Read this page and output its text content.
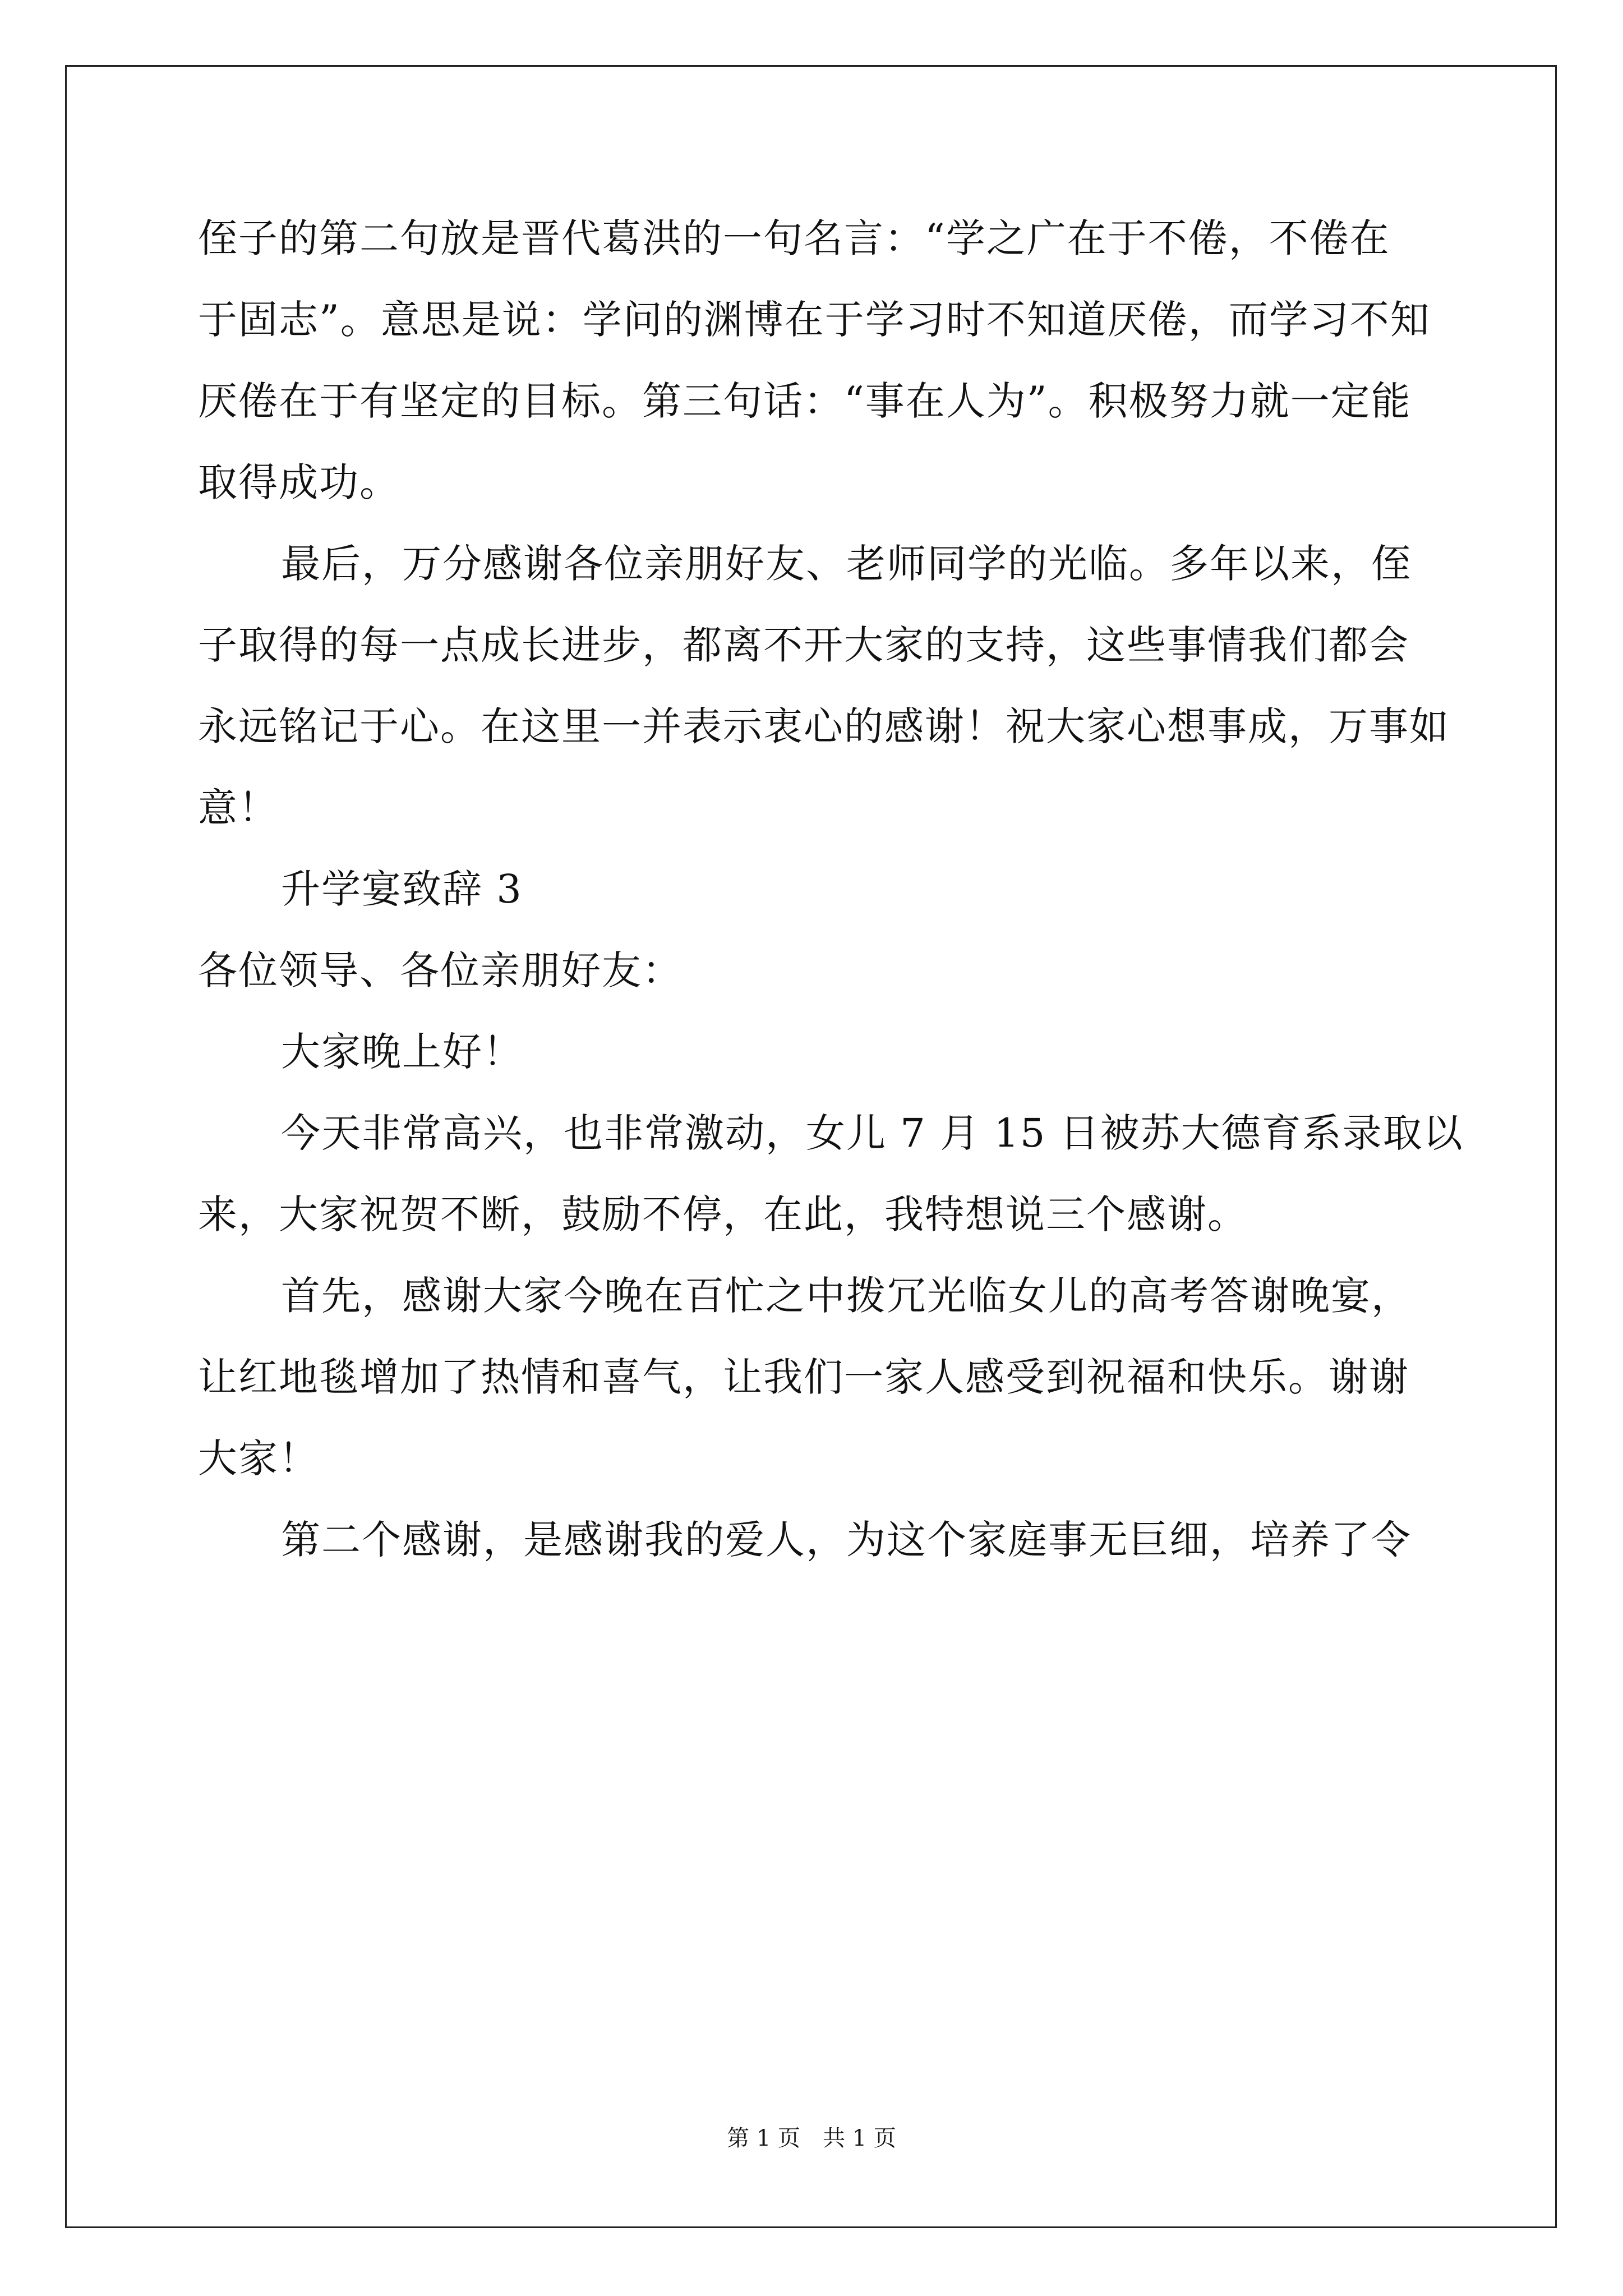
侄子的第二句放是晋代葛洪的一句名言：“学之广在于不倦，不倦在
于固志”。意思是说：学问的渊博在于学习时不知道厌倦，而学习不知
厌倦在于有坚定的目标。第三句话：“事在人为”。积极努力就一定能
取得成功。
最后，万分感谢各位亲朋好友、老师同学的光临。多年以来，侄
子取得的每一点成长进步，都离不开大家的支持，这些事情我们都会
永远铭记于心。在这里一并表示衷心的感谢！祝大家心想事成，万事如
意！
升学宴致辞 3
各位领导、各位亲朋好友：
大家晚上好！
今天非常高兴，也非常激动，女儿 7 月 15 日被苏大德育系录取以
来，大家祝贺不断，鼓励不停，在此，我特想说三个感谢。
首先，感谢大家今晚在百忙之中拨冗光临女儿的高考答谢晚宴，
让红地毯增加了热情和喜气，让我们一家人感受到祝福和快乐。谢谢
大家！
第二个感谢，是感谢我的爱人，为这个家庭事无巨细，培养了令
第 1 页　共 1 页
